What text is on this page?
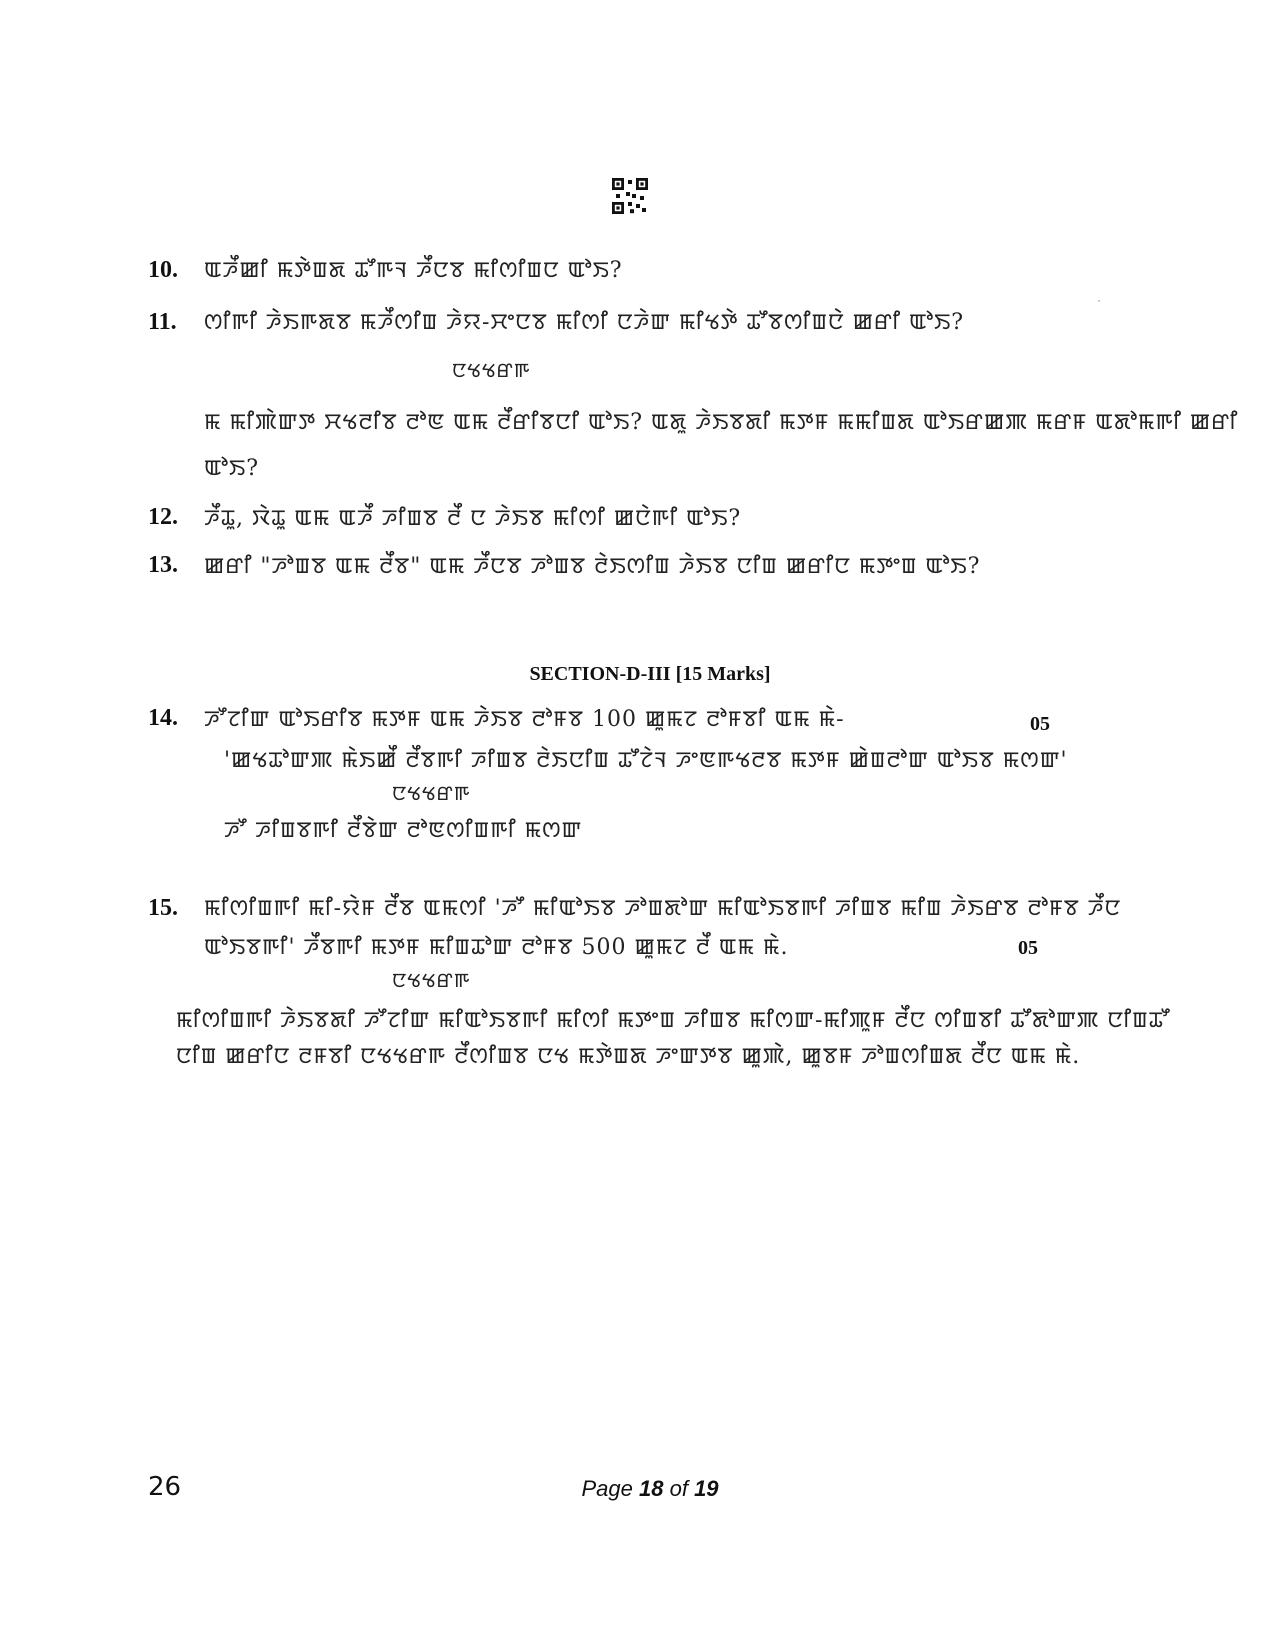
10. ꯑꯍꯩꯀꯤ ꯃꯇꯥꯡꯗ ꯊꯧꯒꯜ ꯍꯩꯅꯕ ꯃꯤꯁꯤꯡꯅ ꯑꯣꯏ?
11. ꯁꯤꯒꯤ ꯍꯥꯏꯒꯗꯕ ꯃꯍꯩꯁꯤꯡ ꯍꯥꯌ-ꯆꯦꯅꯕ ꯃꯤꯁꯤ ꯅꯍꯥꯛ ꯃꯤꯠꯇꯥ ꯊꯧꯕꯁꯤꯡꯅꯥ ꯀꯔꯤ ꯑꯣꯏ?
ꯅꯠꯠꯔꯒ
ꯃ ꯃꯤꯄꯥꯛꯇ ꯆꯠꯂꯤꯕ ꯂꯣꯟ ꯑꯃ ꯂꯩꯔꯤꯕꯅꯤ ꯑꯣꯏ? ꯑꯗꯨ ꯍꯥꯏꯕꯗꯤ ꯃꯇꯝ ꯃꯃꯤꯡꯗ ꯑꯣꯏꯔꯀꯄ ꯃꯔꯝ ꯑꯗꯣꯃꯒꯤ ꯀꯔꯤ
ꯑꯣꯏ?
12. ꯍꯩꯊꯨ, ꯋꯥꯊꯨ ꯑꯃ ꯑꯍꯩ ꯍꯤꯡꯕ ꯂꯩ ꯅ ꯍꯥꯏꯕ ꯃꯤꯁꯤ ꯀꯅꯥꯒꯤ ꯑꯣꯏ?
13. ꯀꯔꯤ "ꯍꯣꯡꯕ ꯑꯃ ꯂꯩꯕ" ꯑꯃ ꯍꯩꯅꯕ ꯍꯣꯡꯕ ꯂꯥꯏꯁꯤꯡ ꯍꯥꯏꯕ ꯅꯤꯡ ꯀꯔꯤꯅ ꯃꯇꯦꯡ ꯑꯣꯏ?
SECTION-D-III [15 Marks]
14. ꯍꯧꯖꯤꯛ ꯑꯣꯏꯔꯤꯕ ꯃꯇꯝ ꯑꯃ ꯍꯥꯏꯕ ꯂꯣꯝꯕ 100 ꯀꯨꯃꯖ ꯂꯣꯝꯕꯤ ꯑꯃ ꯃꯥ-	05
'ꯀꯠꯊꯣꯛꯄ ꯃꯥꯏꯀꯩ ꯂꯩꯕꯒꯤ ꯍꯤꯡꯕ ꯂꯥꯏꯅꯤꯡ ꯊꯧꯖꯥꯜ ꯍꯦꯟꯒꯠꯂꯕ ꯃꯇꯝ ꯀꯥꯡꯂꯣꯛ ꯑꯣꯏꯕ ꯃꯁꯛ'
ꯅꯠꯠꯔꯒ
ꯍꯧ ꯍꯤꯡꯕꯒꯤ ꯂꯩꯕꯥꯛ ꯂꯣꯟꯁꯤꯡꯒꯤ ꯃꯁꯛ
15. ꯃꯤꯁꯤꯡꯒꯤ ꯃꯤ-ꯌꯥꯝ ꯂꯩꯕ ꯑꯃꯁꯤ 'ꯍꯧ ꯃꯤꯑꯣꯏꯕ ꯍꯣꯡꯗꯣꯛ ꯃꯤꯑꯣꯏꯕꯒꯤ ꯍꯤꯡꯕ ꯃꯤꯡ ꯍꯥꯏꯔꯕ ꯂꯣꯝꯕ ꯍꯩꯅ
ꯑꯣꯏꯕꯒꯤ' ꯍꯩꯕꯒꯤ ꯃꯇꯝ ꯃꯤꯡꯊꯣꯛ ꯂꯣꯝꯕ 500 ꯀꯨꯃꯖ ꯂꯩ ꯑꯃ ꯃꯥ.	05
ꯅꯠꯠꯔꯒ
ꯃꯤꯁꯤꯡꯒꯤ ꯍꯥꯏꯕꯗꯤ ꯍꯧꯖꯤꯛ ꯃꯤꯑꯣꯏꯕꯒꯤ ꯃꯤꯁꯤ ꯃꯇꯦꯡ ꯍꯤꯡꯕ ꯃꯤꯁꯛ-ꯃꯤꯄꯨꯝ ꯂꯩꯅ ꯁꯤꯡꯕꯤ ꯊꯧꯗꯣꯛꯄ ꯅꯤꯡꯊꯧ
ꯅꯤꯡ ꯀꯔꯤꯅ ꯂꯝꯕꯤ ꯅꯠꯠꯔꯒ ꯂꯩꯁꯤꯡꯕ ꯅꯠ ꯃꯇꯥꯡꯗ ꯍꯦꯛꯇꯕ ꯀꯨꯄꯥ, ꯀꯨꯕꯝ ꯍꯣꯡꯁꯤꯡꯗ ꯂꯩꯅ ꯑꯃ ꯃꯥ.
26	Page 18 of 19
